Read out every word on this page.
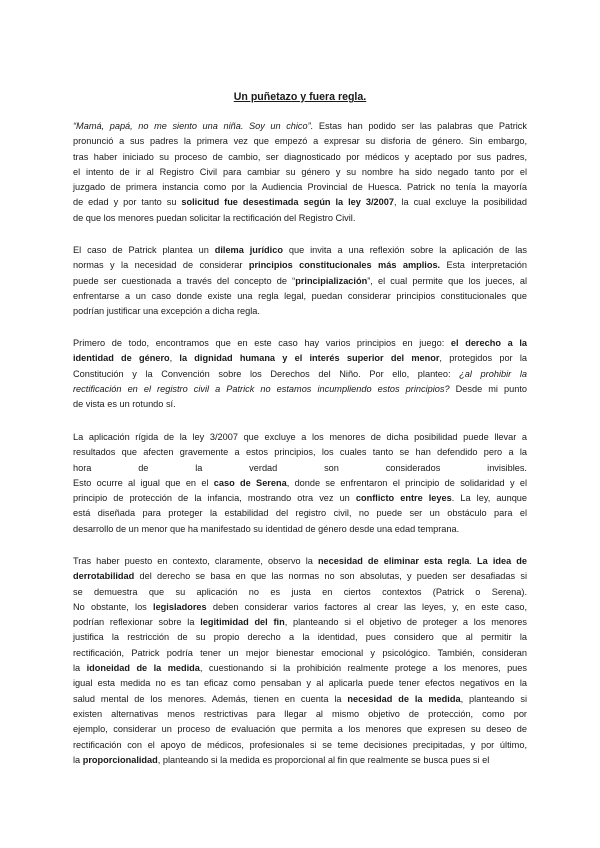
Un puñetazo y fuera regla.

“Mamá, papá, no me siento una niña. Soy un chico”. Estas han podido ser las palabras que Patrick
pronunció a sus padres la primera vez que empezó a expresar su disforia de género. Sin embargo,
tras haber iniciado su proceso de cambio, ser diagnosticado por médicos y aceptado por sus padres,
el intento de ir al Registro Civil para cambiar su género y su nombre ha sido negado tanto por el
juzgado de primera instancia como por la Audiencia Provincial de Huesca. Patrick no tenía la mayoría
de edad y por tanto su solicitud fue desestimada según la ley 3/2007, la cual excluye la posibilidad
de que los menores puedan solicitar la rectificación del Registro Civil.

El caso de Patrick plantea un dilema jurídico que invita a una reflexión sobre la aplicación de las
normas y la necesidad de considerar principios constitucionales más amplios. Esta interpretación
puede ser cuestionada a través del concepto de “principialización”, el cual permite que los jueces, al
enfrentarse a un caso donde existe una regla legal, puedan considerar principios constitucionales que
podrían justificar una excepción a dicha regla.

Primero de todo, encontramos que en este caso hay varios principios en juego: el derecho a la
identidad de género, la dignidad humana y el interés superior del menor, protegidos por la
Constitución y la Convención sobre los Derechos del Niño. Por ello, planteo: ¿al prohibir la
rectificación en el registro civil a Patrick no estamos incumpliendo estos principios? Desde mi punto
de vista es un rotundo sí.

La aplicación rígida de la ley 3/2007 que excluye a los menores de dicha posibilidad puede llevar a
resultados que afecten gravemente a estos principios, los cuales tanto se han defendido pero a la
hora de la verdad son considerados invisibles.
Esto ocurre al igual que en el caso de Serena, donde se enfrentaron el principio de solidaridad y el
principio de protección de la infancia, mostrando otra vez un conflicto entre leyes. La ley, aunque
está diseñada para proteger la estabilidad del registro civil, no puede ser un obstáculo para el
desarrollo de un menor que ha manifestado su identidad de género desde una edad temprana.

Tras haber puesto en contexto, claramente, observo la necesidad de eliminar esta regla. La idea de
derrotabilidad del derecho se basa en que las normas no son absolutas, y pueden ser desafiadas si
se demuestra que su aplicación no es justa en ciertos contextos (Patrick o Serena).
No obstante, los legisladores deben considerar varios factores al crear las leyes, y, en este caso,
podrían reflexionar sobre la legitimidad del fin, planteando si el objetivo de proteger a los menores
justifica la restricción de su propio derecho a la identidad, pues considero que al permitir la
rectificación, Patrick podría tener un mejor bienestar emocional y psicológico. También, consideran
la idoneidad de la medida, cuestionando si la prohibición realmente protege a los menores, pues
igual esta medida no es tan eficaz como pensaban y al aplicarla puede tener efectos negativos en la
salud mental de los menores. Además, tienen en cuenta la necesidad de la medida, planteando si
existen alternativas menos restrictivas para llegar al mismo objetivo de protección, como por
ejemplo, considerar un proceso de evaluación que permita a los menores que expresen su deseo de
rectificación con el apoyo de médicos, profesionales si se teme decisiones precipitadas, y por último,
la proporcionalidad, planteando si la medida es proporcional al fin que realmente se busca pues si el
